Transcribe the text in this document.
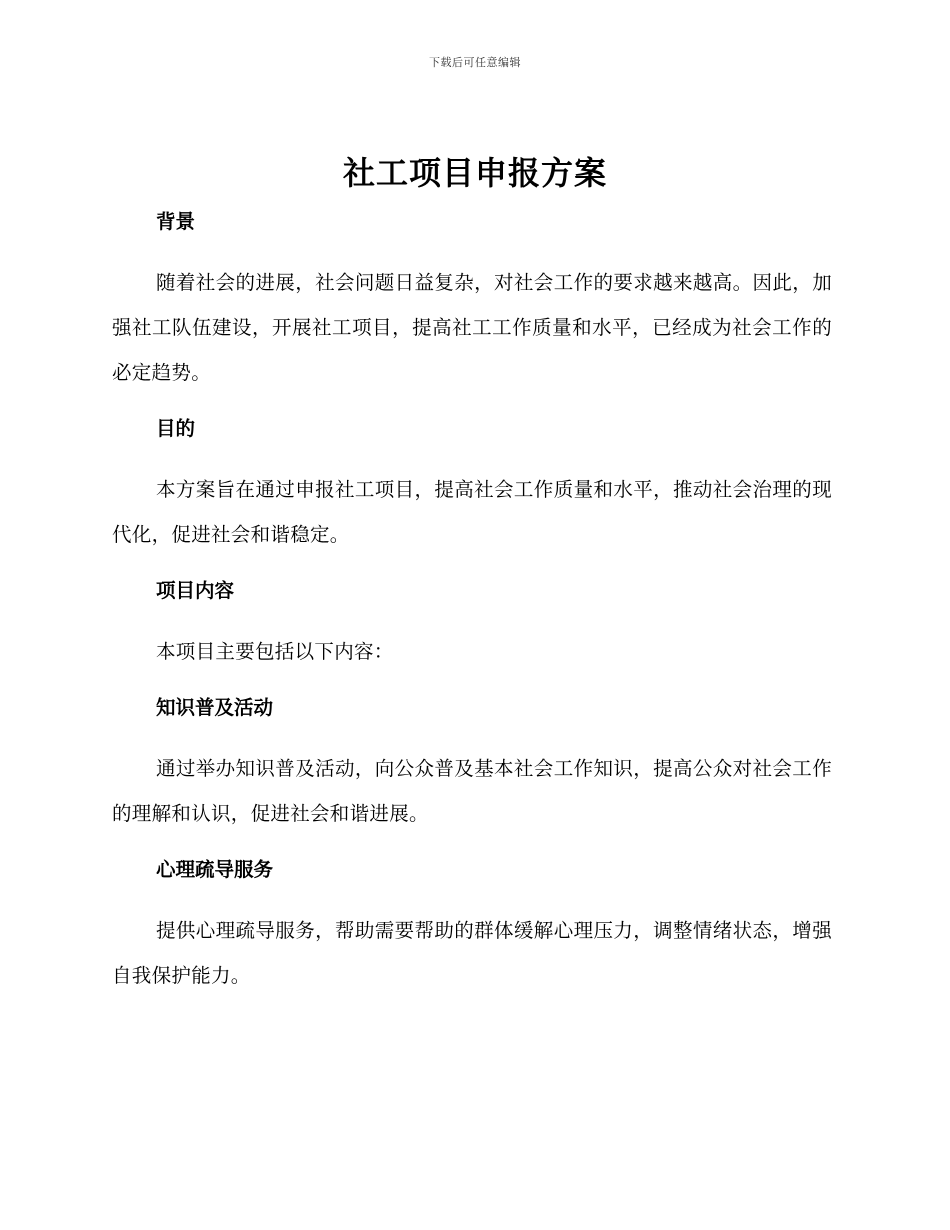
下载后可任意编辑
社工项目申报方案
背景
随着社会的进展，社会问题日益复杂，对社会工作的要求越来越高。因此，加强社工队伍建设，开展社工项目，提高社工工作质量和水平，已经成为社会工作的必定趋势。
目的
本方案旨在通过申报社工项目，提高社会工作质量和水平，推动社会治理的现代化，促进社会和谐稳定。
项目内容
本项目主要包括以下内容：
知识普及活动
通过举办知识普及活动，向公众普及基本社会工作知识，提高公众对社会工作的理解和认识，促进社会和谐进展。
心理疏导服务
提供心理疏导服务，帮助需要帮助的群体缓解心理压力，调整情绪状态，增强自我保护能力。
